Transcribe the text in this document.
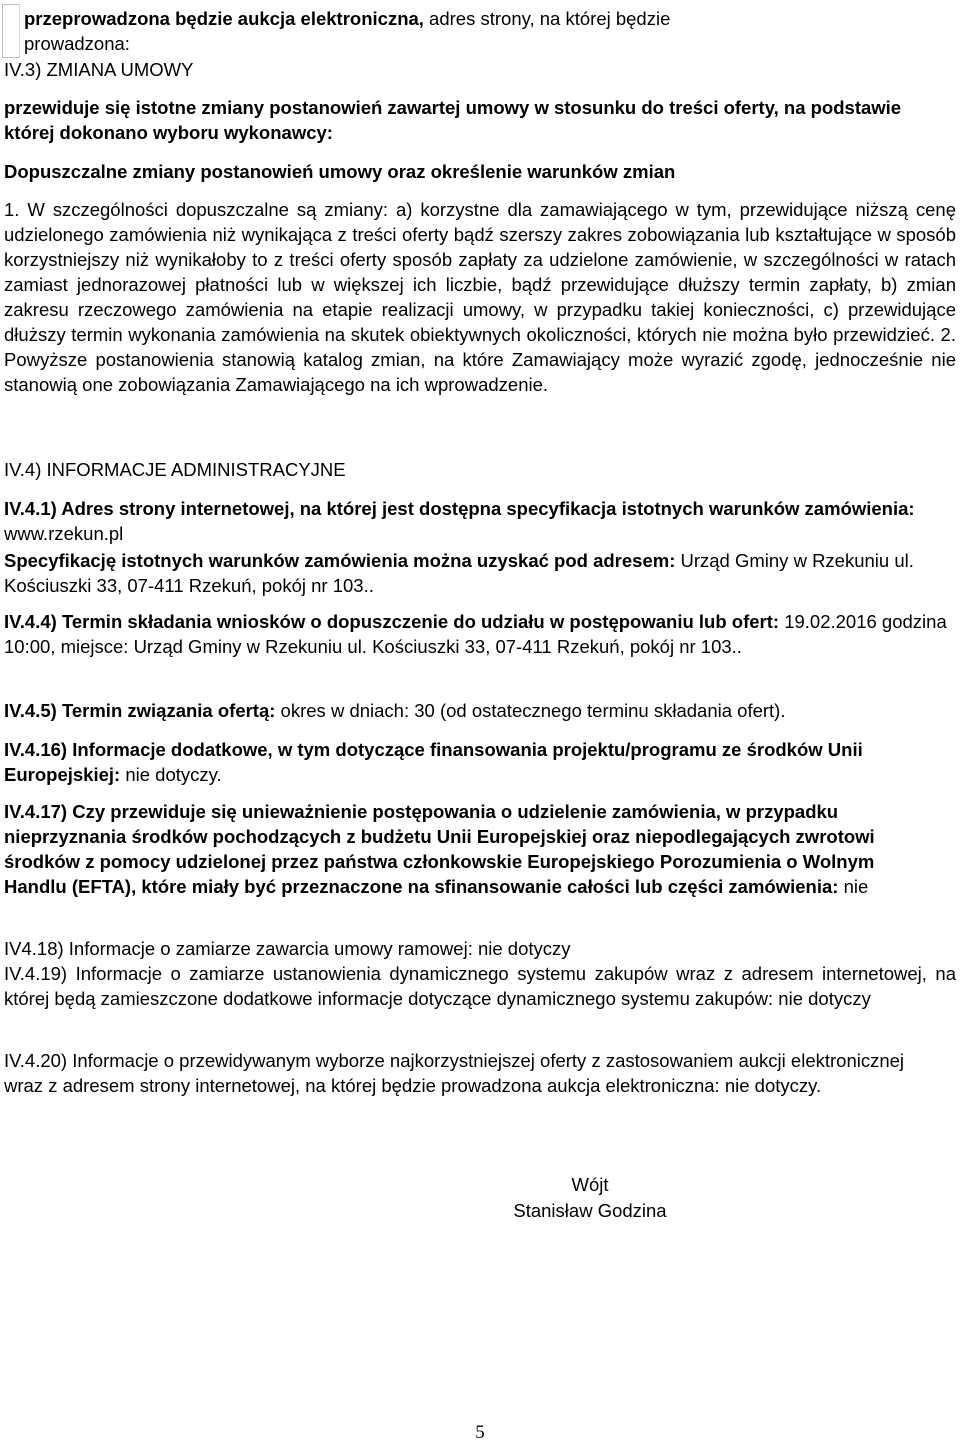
przeprowadzona będzie aukcja elektroniczna, adres strony, na której będzie

prowadzona:

IV.3) ZMIANA UMOWY

przewiduje się istotne zmiany postanowień zawartej umowy w stosunku do treści oferty, na podstawie której dokonano wyboru wykonawcy:

Dopuszczalne zmiany postanowień umowy oraz określenie warunków zmian

1. W szczególności dopuszczalne są zmiany: a) korzystne dla zamawiającego w tym, przewidujące niższą cenę udzielonego zamówienia niż wynikająca z treści oferty bądź szerszy zakres zobowiązania lub kształtujące w sposób korzystniejszy niż wynikałoby to z treści oferty sposób zapłaty za udzielone zamówienie, w szczególności w ratach zamiast jednorazowej płatności lub w większej ich liczbie, bądź przewidujące dłuższy termin zapłaty, b) zmian zakresu rzeczowego zamówienia na etapie realizacji umowy, w przypadku takiej konieczności, c) przewidujące dłuższy termin wykonania zamówienia na skutek obiektywnych okoliczności, których nie można było przewidzieć. 2. Powyższe postanowienia stanowią katalog zmian, na które Zamawiający może wyrazić zgodę, jednocześnie nie stanowią one zobowiązania Zamawiającego na ich wprowadzenie.

IV.4) INFORMACJE ADMINISTRACYJNE

IV.4.1) Adres strony internetowej, na której jest dostępna specyfikacja istotnych warunków zamówienia: www.rzekun.pl

Specyfikację istotnych warunków zamówienia można uzyskać pod adresem: Urząd Gminy w Rzekuniu ul. Kościuszki 33, 07-411 Rzekuń, pokój nr 103..

IV.4.4) Termin składania wniosków o dopuszczenie do udziału w postępowaniu lub ofert: 19.02.2016 godzina 10:00, miejsce: Urząd Gminy w Rzekuniu ul. Kościuszki 33, 07-411 Rzekuń, pokój nr 103..

IV.4.5) Termin związania ofertą: okres w dniach: 30 (od ostatecznego terminu składania ofert).

IV.4.16) Informacje dodatkowe, w tym dotyczące finansowania projektu/programu ze środków Unii Europejskiej: nie dotyczy.

IV.4.17) Czy przewiduje się unieważnienie postępowania o udzielenie zamówienia, w przypadku nieprzyznania środków pochodzących z budżetu Unii Europejskiej oraz niepodlegających zwrotowi środków z pomocy udzielonej przez państwa członkowskie Europejskiego Porozumienia o Wolnym Handlu (EFTA), które miały być przeznaczone na sfinansowanie całości lub części zamówienia: nie

IV4.18) Informacje o zamiarze zawarcia umowy ramowej: nie dotyczy

IV.4.19) Informacje o zamiarze ustanowienia dynamicznego systemu zakupów wraz z adresem internetowej, na której będą zamieszczone dodatkowe informacje dotyczące dynamicznego systemu zakupów: nie dotyczy

IV.4.20) Informacje o przewidywanym wyborze najkorzystniejszej oferty z zastosowaniem aukcji elektronicznej wraz z adresem strony internetowej, na której będzie prowadzona aukcja elektroniczna: nie dotyczy.

Wójt

Stanisław Godzina

5
